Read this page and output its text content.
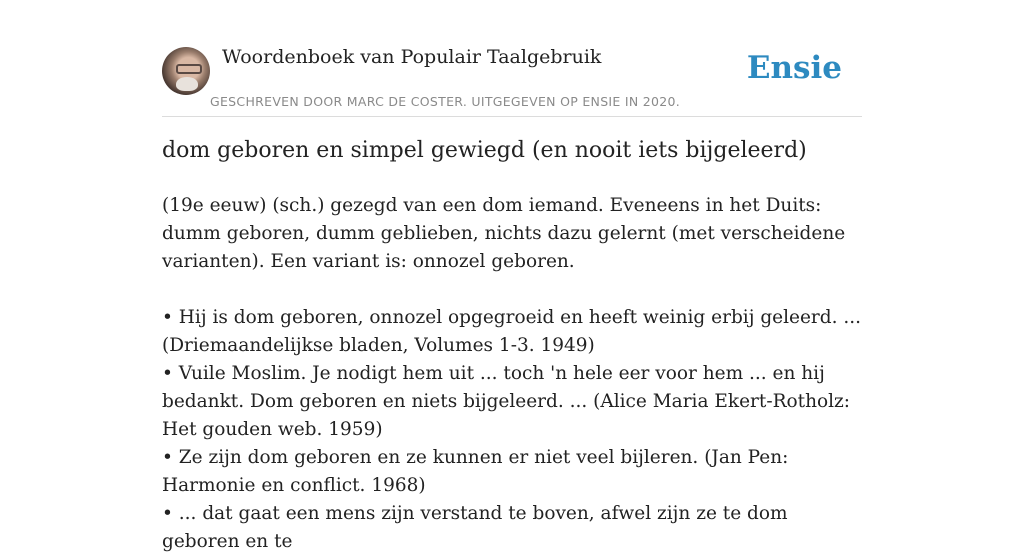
Woordenboek van Populair Taalgebruik
GESCHREVEN DOOR MARC DE COSTER. UITGEGEVEN OP ENSIE IN 2020.
Ensie
dom geboren en simpel gewiegd (en nooit iets bijgeleerd)

(19e eeuw) (sch.) gezegd van een dom iemand. Eveneens in het Duits: dumm geboren, dumm geblieben, nichts dazu gelernt (met verscheidene varianten). Een variant is: onnozel geboren.

• Hij is dom geboren, onnozel opgegroeid en heeft weinig erbij geleerd. ... (Driemaandelijkse bladen, Volumes 1-3. 1949)

• Vuile Moslim. Je nodigt hem uit ... toch 'n hele eer voor hem ... en hij bedankt. Dom geboren en niets bijgeleerd. ... (Alice Maria Ekert-Rotholz: Het gouden web. 1959)

• Ze zijn dom geboren en ze kunnen er niet veel bijleren. (Jan Pen: Harmonie en conflict. 1968)

• ... dat gaat een mens zijn verstand te boven, afwel zijn ze te dom geboren en te
